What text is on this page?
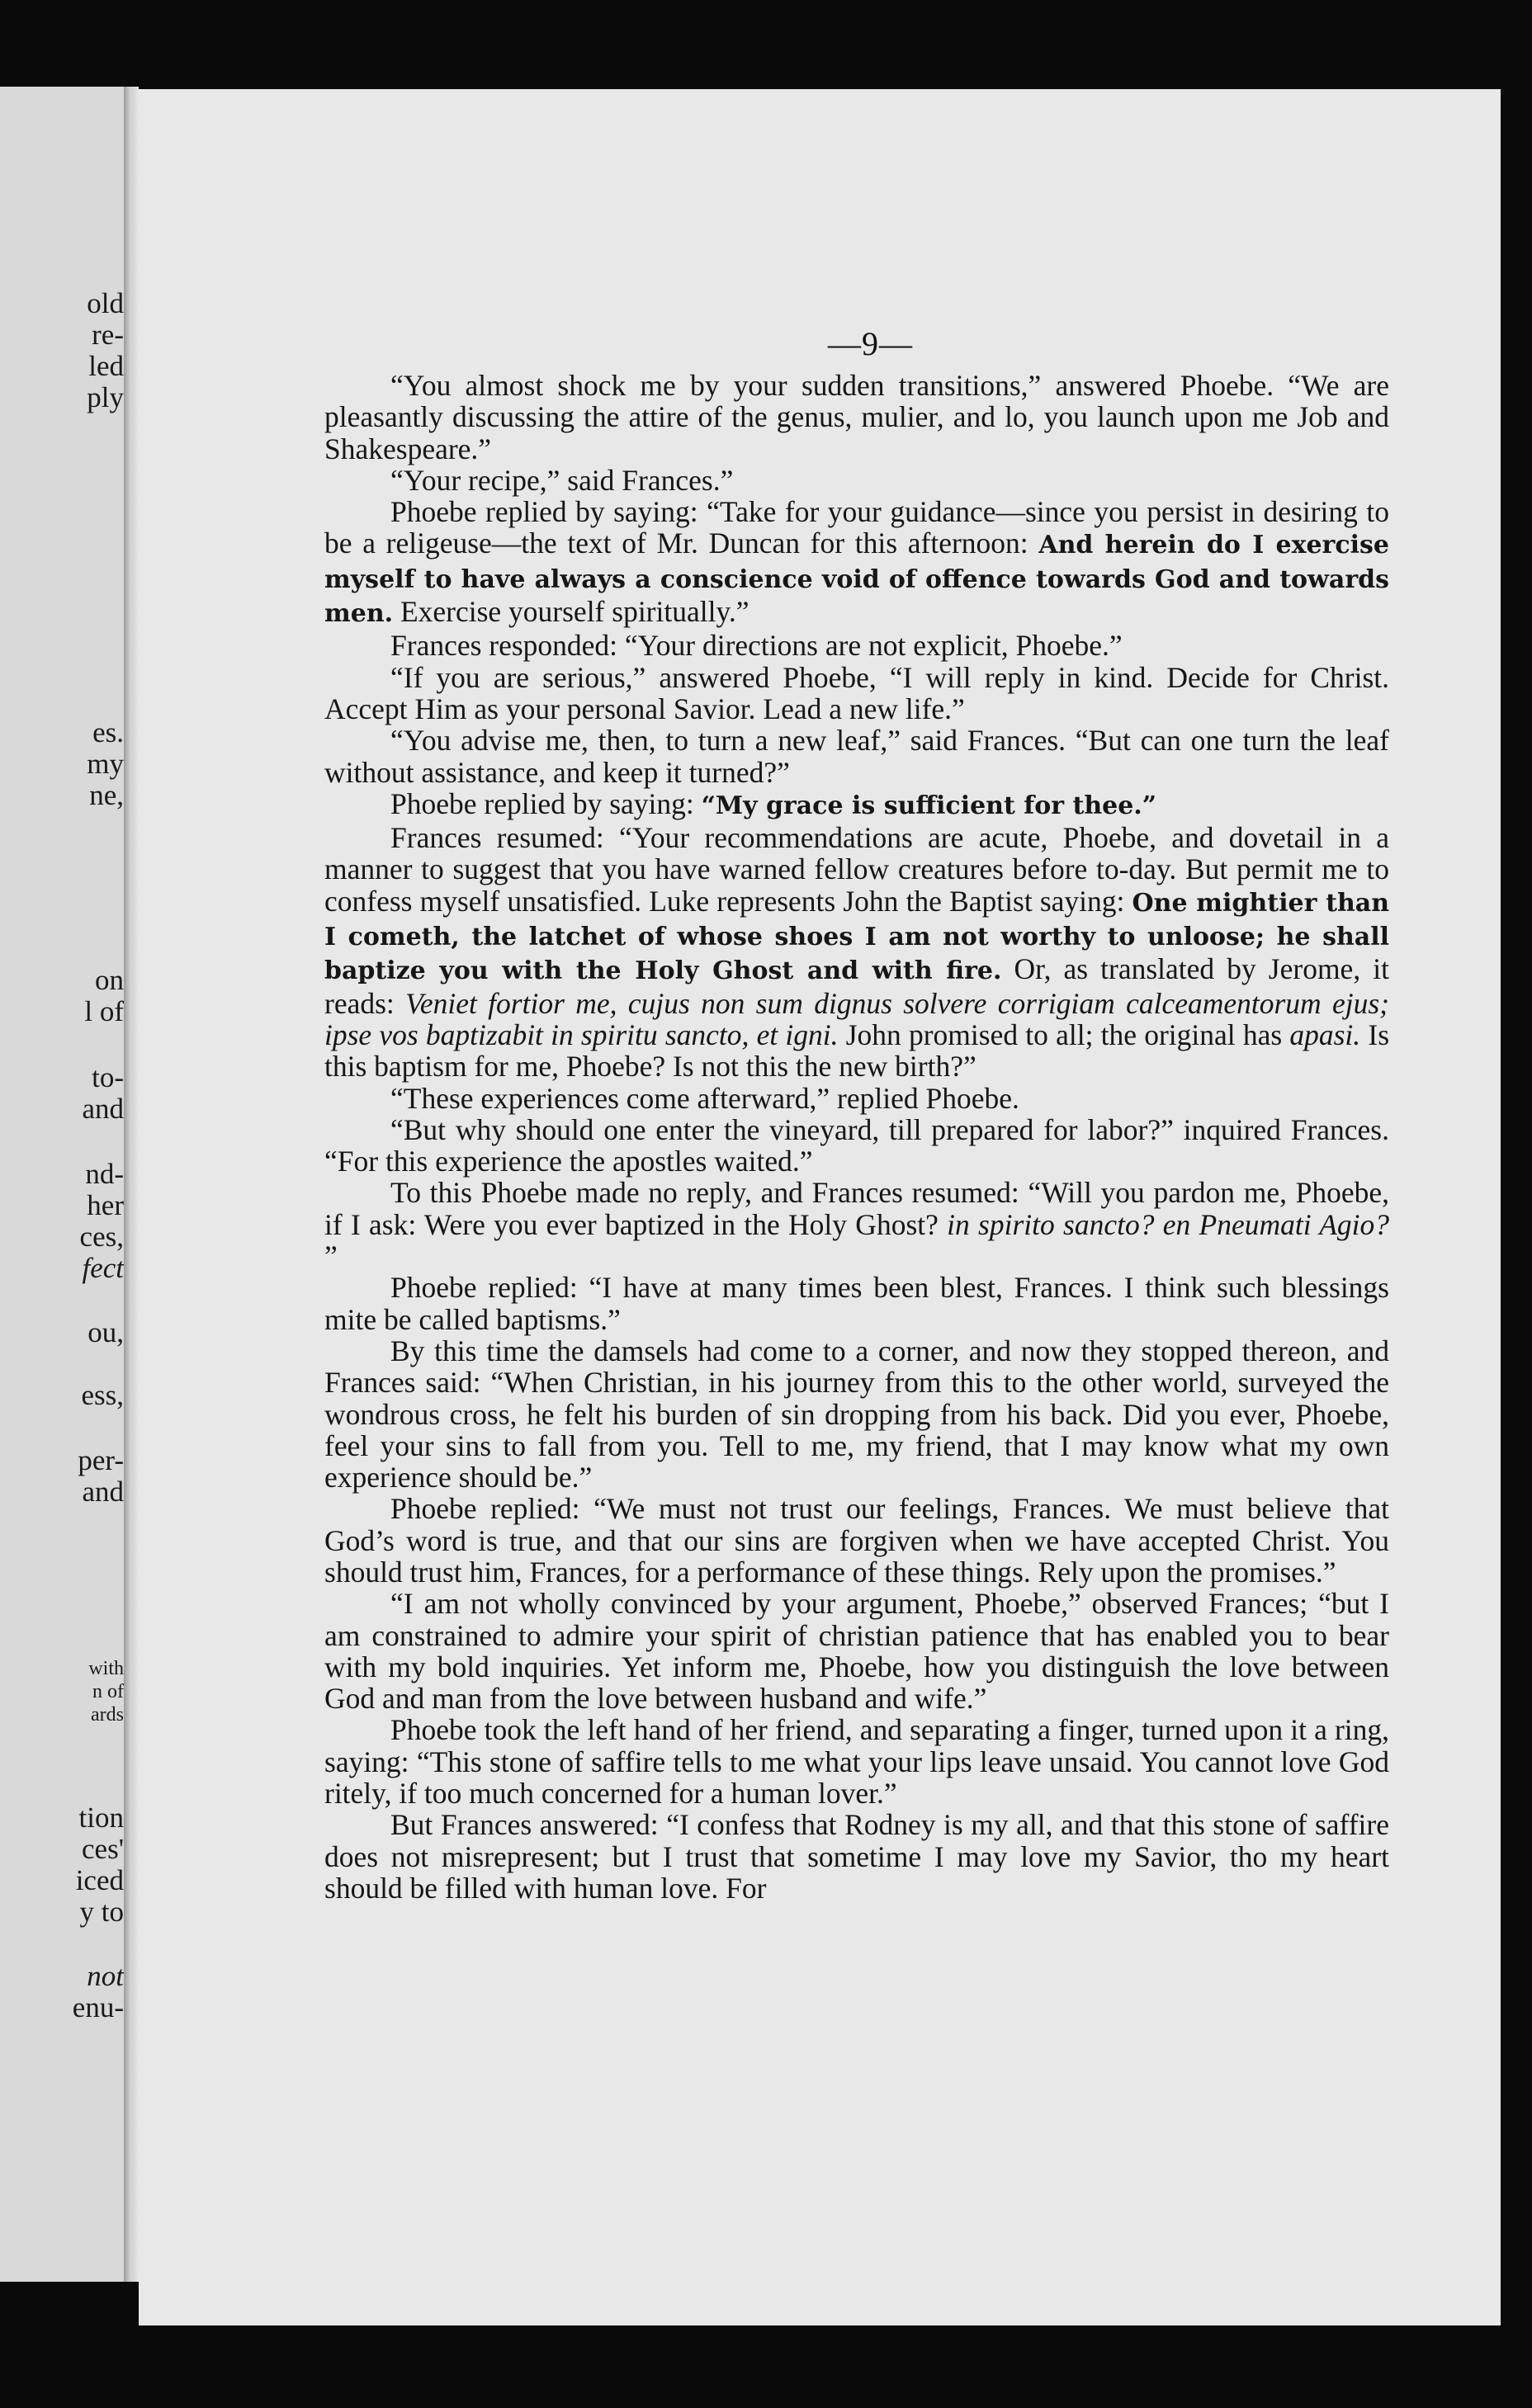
old
re-
led
ply
es.
my
ne,
on
l of
to-
and
nd-
her
ces,
fect
ou,
ess,
per-
and
with
n of
ards
tion
ces'
iced
y to
not
enu-
—9—

“You almost shock me by your sudden transitions,” answered Phoebe. “We are pleasantly discussing the attire of the genus, mulier, and lo, you launch upon me Job and Shakespeare.”

“Your recipe,” said Frances.”

Phoebe replied by saying: “Take for your guidance—since you persist in desiring to be a religeuse—the text of Mr. Duncan for this afternoon: And herein do I exercise myself to have always a conscience void of offence towards God and towards men. Exercise yourself spiritually.”

Frances responded: “Your directions are not explicit, Phoebe.”

“If you are serious,” answered Phoebe, “I will reply in kind. Decide for Christ. Accept Him as your personal Savior. Lead a new life.”

“You advise me, then, to turn a new leaf,” said Frances. “But can one turn the leaf without assistance, and keep it turned?”

Phoebe replied by saying: “My grace is sufficient for thee.”

Frances resumed: “Your recommendations are acute, Phoebe, and dovetail in a manner to suggest that you have warned fellow creatures before to-day. But permit me to confess myself unsatisfied. Luke represents John the Baptist saying: One mightier than I cometh, the latchet of whose shoes I am not worthy to unloose; he shall baptize you with the Holy Ghost and with fire. Or, as translated by Jerome, it reads: Veniet fortior me, cujus non sum dignus solvere corrigiam calceamentorum ejus; ipse vos baptizabit in spiritu sancto, et igni. John promised to all; the original has apasi. Is this baptism for me, Phoebe? Is not this the new birth?”

“These experiences come afterward,” replied Phoebe.

“But why should one enter the vineyard, till prepared for labor?” inquired Frances. “For this experience the apostles waited.”

To this Phoebe made no reply, and Frances resumed: “Will you pardon me, Phoebe, if I ask: Were you ever baptized in the Holy Ghost? in spirito sancto? en Pneumati Agio? ”

Phoebe replied: “I have at many times been blest, Frances. I think such blessings mite be called baptisms.”

By this time the damsels had come to a corner, and now they stopped thereon, and Frances said: “When Christian, in his journey from this to the other world, surveyed the wondrous cross, he felt his burden of sin dropping from his back. Did you ever, Phoebe, feel your sins to fall from you. Tell to me, my friend, that I may know what my own experience should be.”

Phoebe replied: “We must not trust our feelings, Frances. We must believe that God’s word is true, and that our sins are forgiven when we have accepted Christ. You should trust him, Frances, for a performance of these things. Rely upon the promises.”

“I am not wholly convinced by your argument, Phoebe,” observed Frances; “but I am constrained to admire your spirit of christian patience that has enabled you to bear with my bold inquiries. Yet inform me, Phoebe, how you distinguish the love between God and man from the love between husband and wife.”

Phoebe took the left hand of her friend, and separating a finger, turned upon it a ring, saying: “This stone of saffire tells to me what your lips leave unsaid. You cannot love God ritely, if too much concerned for a human lover.”

But Frances answered: “I confess that Rodney is my all, and that this stone of saffire does not misrepresent; but I trust that sometime I may love my Savior, tho my heart should be filled with human love. For
